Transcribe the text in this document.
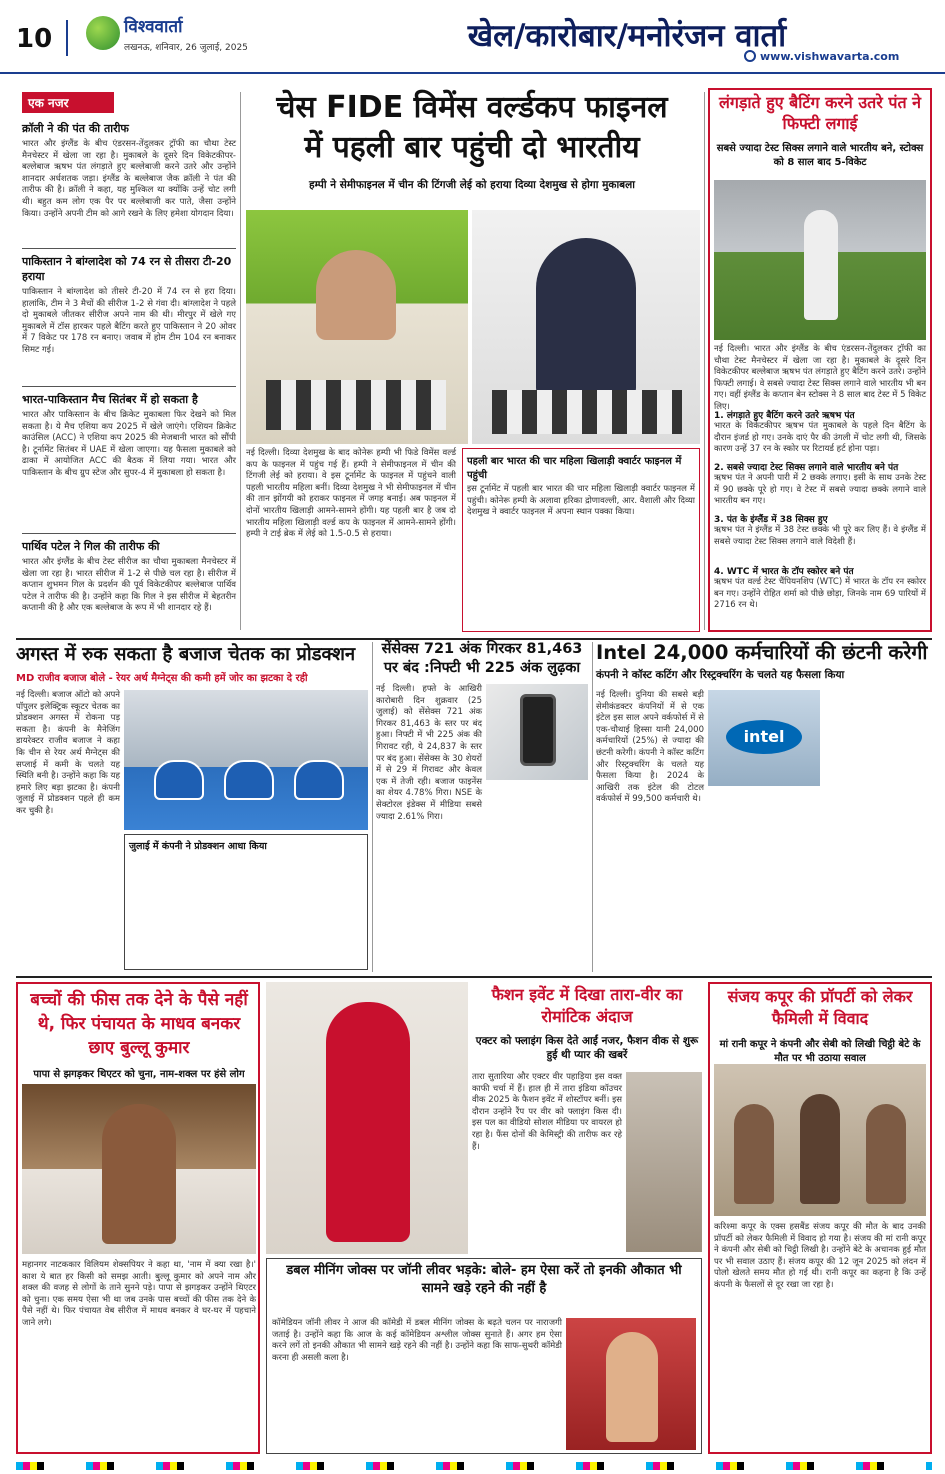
10	विश्ववार्ता
लखनऊ, शनिवार, 26 जुलाई, 2025	खेल/कारोबार/मनोरंजन वार्ता
www.vishwavarta.com
एक नजर
क्रॉली ने की पंत की तारीफ
भारत और इंग्लैंड के बीच एंडरसन-तेंदुलकर ट्रॉफी का चौथा टेस्ट मैनचेस्टर में खेला जा रहा है। मुकाबले के दूसरे दिन विकेटकीपर-बल्लेबाज ऋषभ पंत लंगड़ाते हुए बल्लेबाजी करने उतरे और उन्होंने शानदार अर्धशतक जड़ा। इंग्लैंड के बल्लेबाज जैक क्रॉली ने पंत की तारीफ की है। क्रॉली ने कहा, यह मुश्किल था क्योंकि उन्हें चोट लगी थी। बहुत कम लोग एक पैर पर बल्लेबाजी कर पाते, जैसा उन्होंने किया। उन्होंने अपनी टीम को आगे रखने के लिए हमेशा योगदान दिया।
पाकिस्तान ने बांग्लादेश को 74 रन से तीसरा टी-20 हराया
पाकिस्तान ने बांग्लादेश को तीसरे टी-20 में 74 रन से हरा दिया। हालांकि, टीम ने 3 मैचों की सीरीज 1-2 से गंवा दी। बांग्लादेश ने पहले दो मुकाबले जीतकर सीरीज अपने नाम की थी। मीरपुर में खेले गए मुकाबले में टॉस हारकर पहले बैटिंग करते हुए पाकिस्तान ने 20 ओवर में 7 विकेट पर 178 रन बनाए। जवाब में होम टीम 104 रन बनाकर सिमट गई।
भारत-पाकिस्तान मैच सितंबर में हो सकता है
भारत और पाकिस्तान के बीच क्रिकेट मुकाबला फिर देखने को मिल सकता है। ये मैच एशिया कप 2025 में खेले जाएंगे। एशियन क्रिकेट काउंसिल (ACC) ने एशिया कप 2025 की मेजबानी भारत को सौंपी है। टूर्नामेंट सितंबर में UAE में खेला जाएगा। यह फैसला मुकाबले को ढाका में आयोजित ACC की बैठक में लिया गया। भारत और पाकिस्तान के बीच ग्रुप स्टेज और सुपर-4 में मुकाबला हो सकता है।
पार्थिव पटेल ने गिल की तारीफ की
भारत और इंग्लैंड के बीच टेस्ट सीरीज का चौथा मुकाबला मैनचेस्टर में खेला जा रहा है। भारत सीरीज में 1-2 से पीछे चल रहा है। सीरीज में कप्तान शुभमन गिल के प्रदर्शन की पूर्व विकेटकीपर बल्लेबाज पार्थिव पटेल ने तारीफ की है। उन्होंने कहा कि गिल ने इस सीरीज में बेहतरीन कप्तानी की है और एक बल्लेबाज के रूप में भी शानदार रहे हैं।
चेस FIDE विमेंस वर्ल्डकप फाइनल
में पहली बार पहुंची दो भारतीय
हम्पी ने सेमीफाइनल में चीन की टिंगजी लेई को हराया दिव्या देशमुख से होगा मुकाबला
नई दिल्ली। दिव्या देशमुख के बाद कोनेरू हम्पी भी फिडे विमेंस वर्ल्ड कप के फाइनल में पहुंच गई हैं। हम्पी ने सेमीफाइनल में चीन की टिंगजी लेई को हराया। वे इस टूर्नामेंट के फाइनल में पहुंचने वाली पहली भारतीय महिला बनीं। दिव्या देशमुख ने भी सेमीफाइनल में चीन की तान झोंगयी को हराकर फाइनल में जगह बनाई। अब फाइनल में दोनों भारतीय खिलाड़ी आमने-सामने होंगी। यह पहली बार है जब दो भारतीय महिला खिलाड़ी वर्ल्ड कप के फाइनल में आमने-सामने होंगी। हम्पी ने टाई ब्रेक में लेई को 1.5-0.5 से हराया।
पहली बार भारत की चार महिला खिलाड़ी क्वार्टर फाइनल में पहुंची
इस टूर्नामेंट में पहली बार भारत की चार महिला खिलाड़ी क्वार्टर फाइनल में पहुंची। कोनेरू हम्पी के अलावा हरिका द्रोणावल्ली, आर. वैशाली और दिव्या देशमुख ने क्वार्टर फाइनल में अपना स्थान पक्का किया।
लंगड़ाते हुए बैटिंग करने उतरे पंत ने फिफ्टी लगाई
सबसे ज्यादा टेस्ट सिक्स लगाने वाले भारतीय बने, स्टोक्स को 8 साल बाद 5-विकेट
नई दिल्ली। भारत और इंग्लैंड के बीच एंडरसन-तेंदुलकर ट्रॉफी का चौथा टेस्ट मैनचेस्टर में खेला जा रहा है। मुकाबले के दूसरे दिन विकेटकीपर बल्लेबाज ऋषभ पंत लंगड़ाते हुए बैटिंग करने उतरे। उन्होंने फिफ्टी लगाई। वे सबसे ज्यादा टेस्ट सिक्स लगाने वाले भारतीय भी बन गए। वहीं इंग्लैंड के कप्तान बेन स्टोक्स ने 8 साल बाद टेस्ट में 5 विकेट लिए।
1. लंगड़ाते हुए बैटिंग करने उतरे ऋषभ पंत
भारत के विकेटकीपर ऋषभ पंत मुकाबले के पहले दिन बैटिंग के दौरान इंजर्ड हो गए। उनके दाएं पैर की उंगली में चोट लगी थी, जिसके कारण उन्हें 37 रन के स्कोर पर रिटायर्ड हर्ट होना पड़ा।
2. सबसे ज्यादा टेस्ट सिक्स लगाने वाले भारतीय बने पंत
ऋषभ पंत ने अपनी पारी में 2 छक्के लगाए। इसी के साथ उनके टेस्ट में 90 छक्के पूरे हो गए। वे टेस्ट में सबसे ज्यादा छक्के लगाने वाले भारतीय बन गए।
3. पंत के इंग्लैंड में 38 सिक्स हुए
ऋषभ पंत ने इंग्लैंड में 38 टेस्ट छक्के भी पूरे कर लिए हैं। वे इंग्लैंड में सबसे ज्यादा टेस्ट सिक्स लगाने वाले विदेशी हैं।
4. WTC में भारत के टॉप स्कोरर बने पंत
ऋषभ पंत वर्ल्ड टेस्ट चैंपियनशिप (WTC) में भारत के टॉप रन स्कोरर बन गए। उन्होंने रोहित शर्मा को पीछे छोड़ा, जिनके नाम 69 पारियों में 2716 रन थे।
अगस्त में रुक सकता है बजाज चेतक का प्रोडक्शन
MD राजीव बजाज बोले - रेयर अर्थ मैग्नेट्स की कमी हमें जोर का झटका दे रही
नई दिल्ली। बजाज ऑटो को अपने पॉपुलर इलेक्ट्रिक स्कूटर चेतक का प्रोडक्शन अगस्त में रोकना पड़ सकता है। कंपनी के मैनेजिंग डायरेक्टर राजीव बजाज ने कहा कि चीन से रेयर अर्थ मैग्नेट्स की सप्लाई में कमी के चलते यह स्थिति बनी है। उन्होंने कहा कि यह हमारे लिए बड़ा झटका है। कंपनी जुलाई में प्रोडक्शन पहले ही कम कर चुकी है।
जुलाई में कंपनी ने प्रोडक्शन आधा किया
सेंसेक्स 721 अंक गिरकर 81,463 पर बंद :निफ्टी भी 225 अंक लुढ़का
नई दिल्ली। हफ्ते के आखिरी कारोबारी दिन शुक्रवार (25 जुलाई) को सेंसेक्स 721 अंक गिरकर 81,463 के स्तर पर बंद हुआ। निफ्टी में भी 225 अंक की गिरावट रही, ये 24,837 के स्तर पर बंद हुआ। सेंसेक्स के 30 शेयरों में से 29 में गिरावट और केवल एक में तेजी रही। बजाज फाइनेंस का शेयर 4.78% गिरा। NSE के सेक्टोरल इंडेक्स में मीडिया सबसे ज्यादा 2.61% गिरा।
Intel 24,000 कर्मचारियों की छंटनी करेगी
कंपनी ने कॉस्ट कटिंग और रिस्ट्रक्चरिंग के चलते यह फैसला किया
नई दिल्ली। दुनिया की सबसे बड़ी सेमीकंडक्टर कंपनियों में से एक इंटेल इस साल अपने वर्कफोर्स में से एक-चौथाई हिस्सा यानी 24,000 कर्मचारियों (25%) से ज्यादा की छंटनी करेगी। कंपनी ने कॉस्ट कटिंग और रिस्ट्रक्चरिंग के चलते यह फैसला किया है। 2024 के आखिरी तक इंटेल की टोटल वर्कफोर्स में 99,500 कर्मचारी थे।
intel
बच्चों की फीस तक देने के पैसे नहीं थे, फिर पंचायत के माधव बनकर छाए बुल्लू कुमार
पापा से झगड़कर थिएटर को चुना, नाम-शक्ल पर हंसे लोग
महानगर नाटककार विलियम शेक्सपियर ने कहा था, 'नाम में क्या रखा है।' काश ये बात हर किसी को समझ आती। बुल्लू कुमार को अपने नाम और शक्ल की वजह से लोगों के ताने सुनने पड़े। पापा से झगड़कर उन्होंने थिएटर को चुना। एक समय ऐसा भी था जब उनके पास बच्चों की फीस तक देने के पैसे नहीं थे। फिर पंचायत वेब सीरीज में माधव बनकर वे घर-घर में पहचाने जाने लगे।
फैशन इवेंट में दिखा तारा-वीर का रोमांटिक अंदाज
एक्टर को फ्लाइंग किस देते आईं नजर, फैशन वीक से शुरू हुई थी प्यार की खबरें
तारा सुतारिया और एक्टर वीर पहाड़िया इस वक्त काफी चर्चा में हैं। हाल ही में तारा इंडिया कॉउचर वीक 2025 के फैशन इवेंट में शोस्टॉपर बनीं। इस दौरान उन्होंने रैंप पर वीर को फ्लाइंग किस दी। इस पल का वीडियो सोशल मीडिया पर वायरल हो रहा है। फैंस दोनों की केमिस्ट्री की तारीफ कर रहे हैं।
डबल मीनिंग जोक्स पर जॉनी लीवर भड़के: बोले- हम ऐसा करें तो इनकी औकात भी सामने खड़े रहने की नहीं है
कॉमेडियन जॉनी लीवर ने आज की कॉमेडी में डबल मीनिंग जोक्स के बढ़ते चलन पर नाराजगी जताई है। उन्होंने कहा कि आज के कई कॉमेडियन अश्लील जोक्स सुनाते हैं। अगर हम ऐसा करने लगें तो इनकी औकात भी सामने खड़े रहने की नहीं है। उन्होंने कहा कि साफ-सुथरी कॉमेडी करना ही असली कला है।
संजय कपूर की प्रॉपर्टी को लेकर फैमिली में विवाद
मां रानी कपूर ने कंपनी और सेबी को लिखी चिट्ठी बेटे के मौत पर भी उठाया सवाल
करिश्मा कपूर के एक्स हसबैंड संजय कपूर की मौत के बाद उनकी प्रॉपर्टी को लेकर फैमिली में विवाद हो गया है। संजय की मां रानी कपूर ने कंपनी और सेबी को चिट्ठी लिखी है। उन्होंने बेटे के अचानक हुई मौत पर भी सवाल उठाए हैं। संजय कपूर की 12 जून 2025 को लंदन में पोलो खेलते समय मौत हो गई थी। रानी कपूर का कहना है कि उन्हें कंपनी के फैसलों से दूर रखा जा रहा है।
